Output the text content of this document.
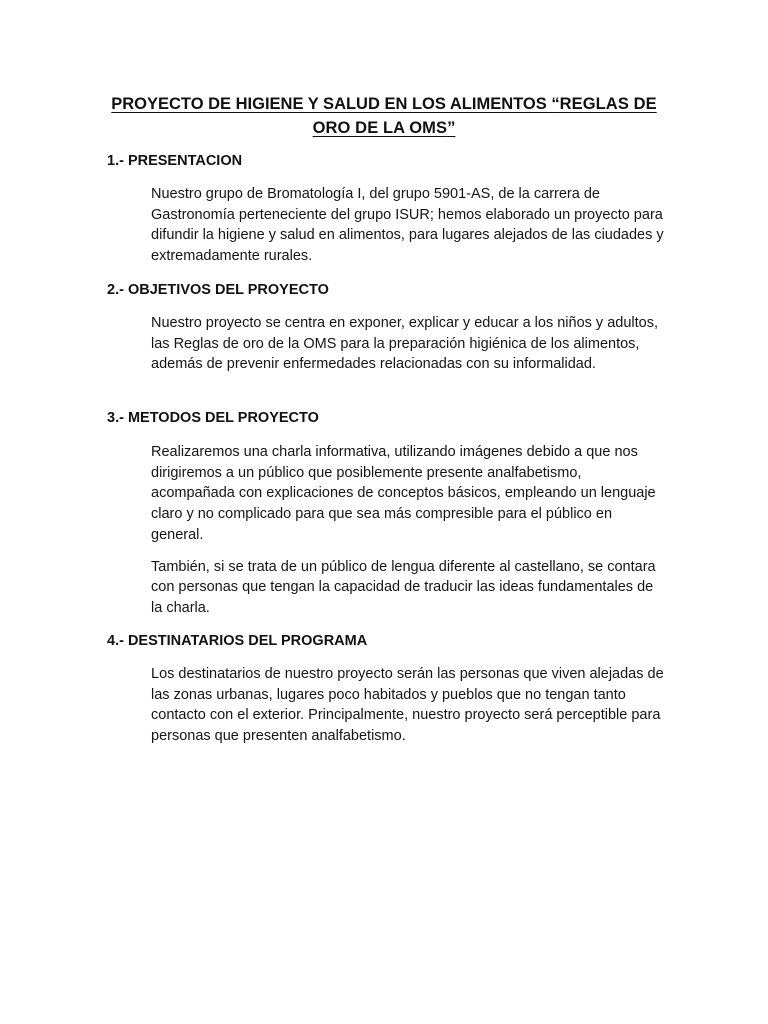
PROYECTO DE HIGIENE Y SALUD EN LOS ALIMENTOS “REGLAS DE ORO DE LA OMS”
1.- PRESENTACION

Nuestro grupo de Bromatología I, del grupo 5901-AS, de la carrera de Gastronomía perteneciente del grupo ISUR; hemos elaborado un proyecto para difundir la higiene y salud en alimentos, para lugares alejados de las ciudades y extremadamente rurales.

2.- OBJETIVOS DEL PROYECTO

Nuestro proyecto se centra en exponer, explicar y educar a los niños y adultos, las Reglas de oro de la OMS para la preparación higiénica de los alimentos, además de prevenir enfermedades relacionadas con su informalidad.

3.- METODOS DEL PROYECTO

Realizaremos una charla informativa, utilizando imágenes debido a que nos dirigiremos a un público que posiblemente presente analfabetismo, acompañada con explicaciones de conceptos básicos, empleando un lenguaje claro y no complicado para que sea más compresible para el público en general.

También, si se trata de un público de lengua diferente al castellano, se contara con personas que tengan la capacidad de traducir las ideas fundamentales de la charla.

4.- DESTINATARIOS DEL PROGRAMA

Los destinatarios de nuestro proyecto serán las personas que viven alejadas de las zonas urbanas, lugares poco habitados y pueblos que no tengan tanto contacto con el exterior. Principalmente, nuestro proyecto será perceptible para personas que presenten analfabetismo.
